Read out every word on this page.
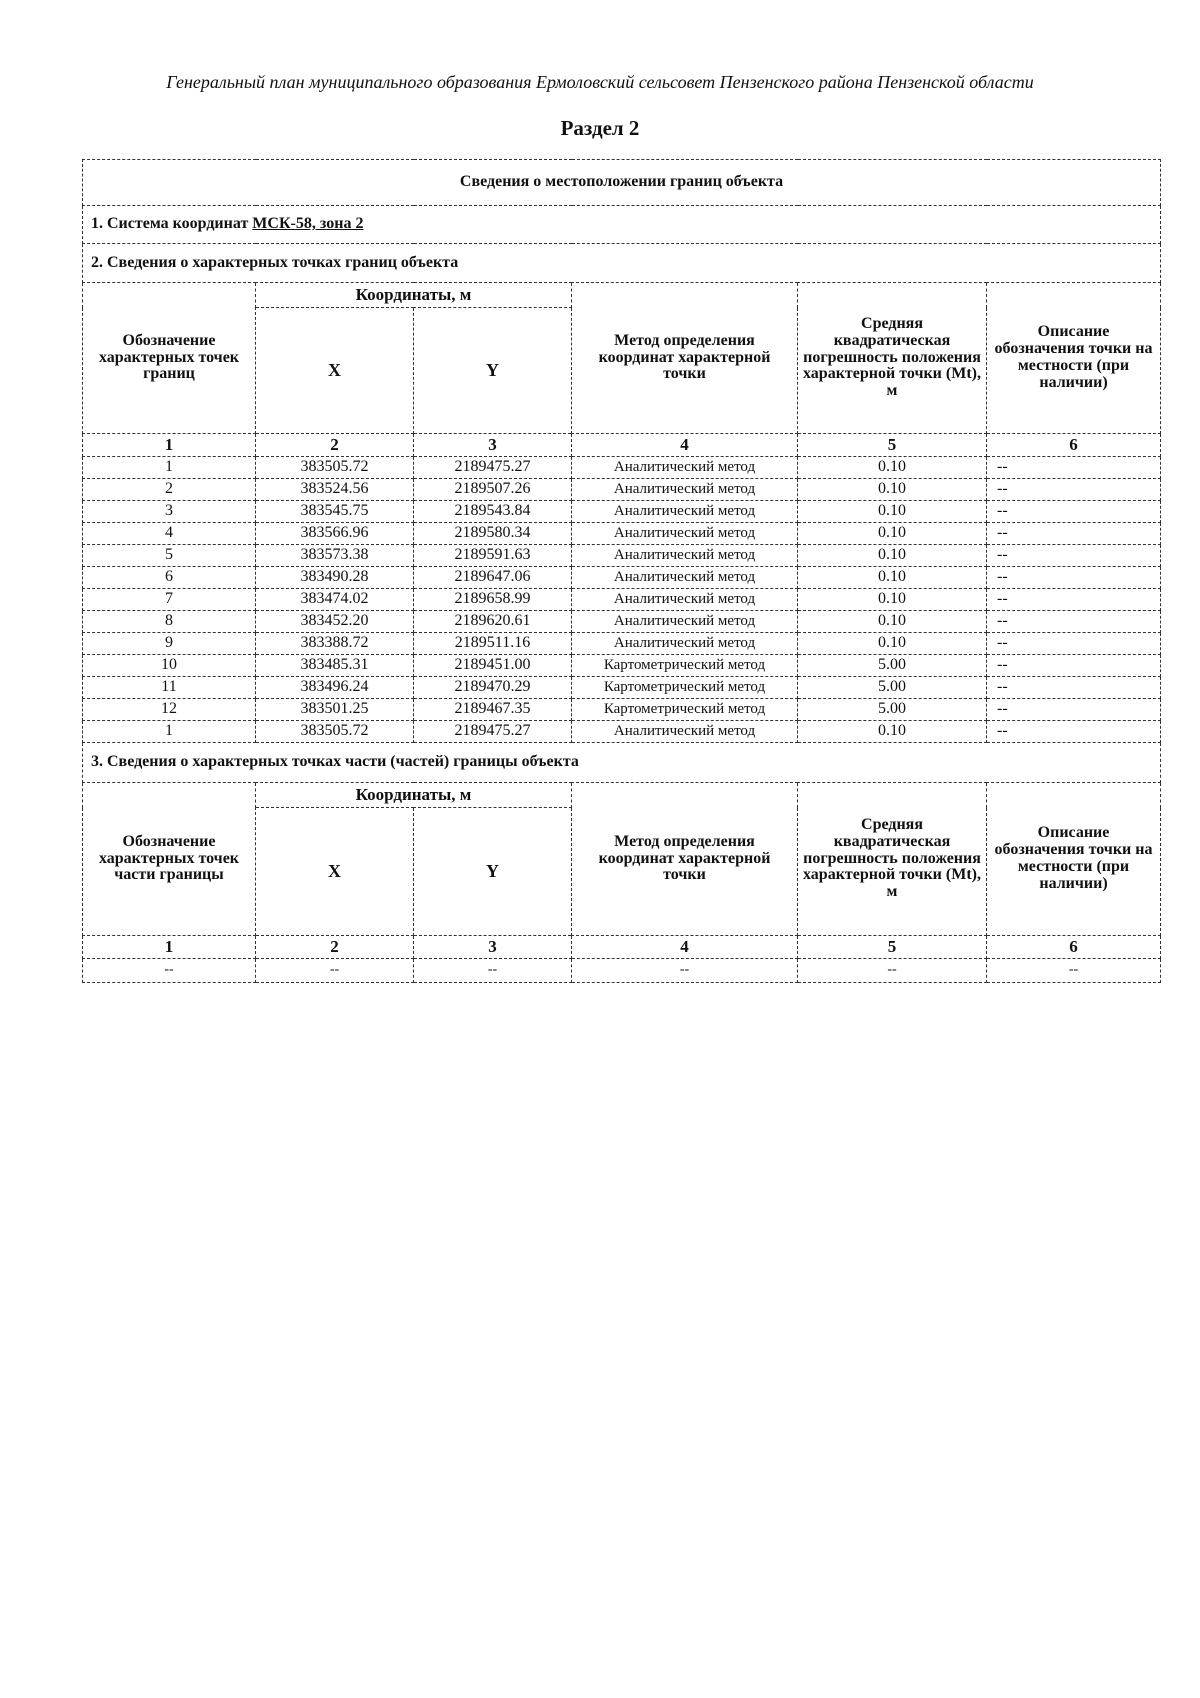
Генеральный план муниципального образования Ермоловский сельсовет Пензенского района Пензенской области
Раздел 2
Сведения о местоположении границ объекта					
1. Система координат МСК-58, зона 2					
2. Сведения о характерных точках границ объекта					
Обозначение характерных точек границ	Координаты, м		Метод определения координат характерной точки	Средняя квадратическая погрешность положения характерной точки (Mt), м	Описание обозначения точки на местности (при наличии)
	X	Y			
1	2	3	4	5	6
1	383505.72	2189475.27	Аналитический метод	0.10	--
2	383524.56	2189507.26	Аналитический метод	0.10	--
3	383545.75	2189543.84	Аналитический метод	0.10	--
4	383566.96	2189580.34	Аналитический метод	0.10	--
5	383573.38	2189591.63	Аналитический метод	0.10	--
6	383490.28	2189647.06	Аналитический метод	0.10	--
7	383474.02	2189658.99	Аналитический метод	0.10	--
8	383452.20	2189620.61	Аналитический метод	0.10	--
9	383388.72	2189511.16	Аналитический метод	0.10	--
10	383485.31	2189451.00	Картометрический метод	5.00	--
11	383496.24	2189470.29	Картометрический метод	5.00	--
12	383501.25	2189467.35	Картометрический метод	5.00	--
1	383505.72	2189475.27	Аналитический метод	0.10	--
3. Сведения о характерных точках части (частей) границы объекта					
Обозначение характерных точек части границы	Координаты, м		Метод определения координат характерной точки	Средняя квадратическая погрешность положения характерной точки (Mt), м	Описание обозначения точки на местности (при наличии)
	X	Y			
1	2	3	4	5	6
--	--	--	--	--	--
